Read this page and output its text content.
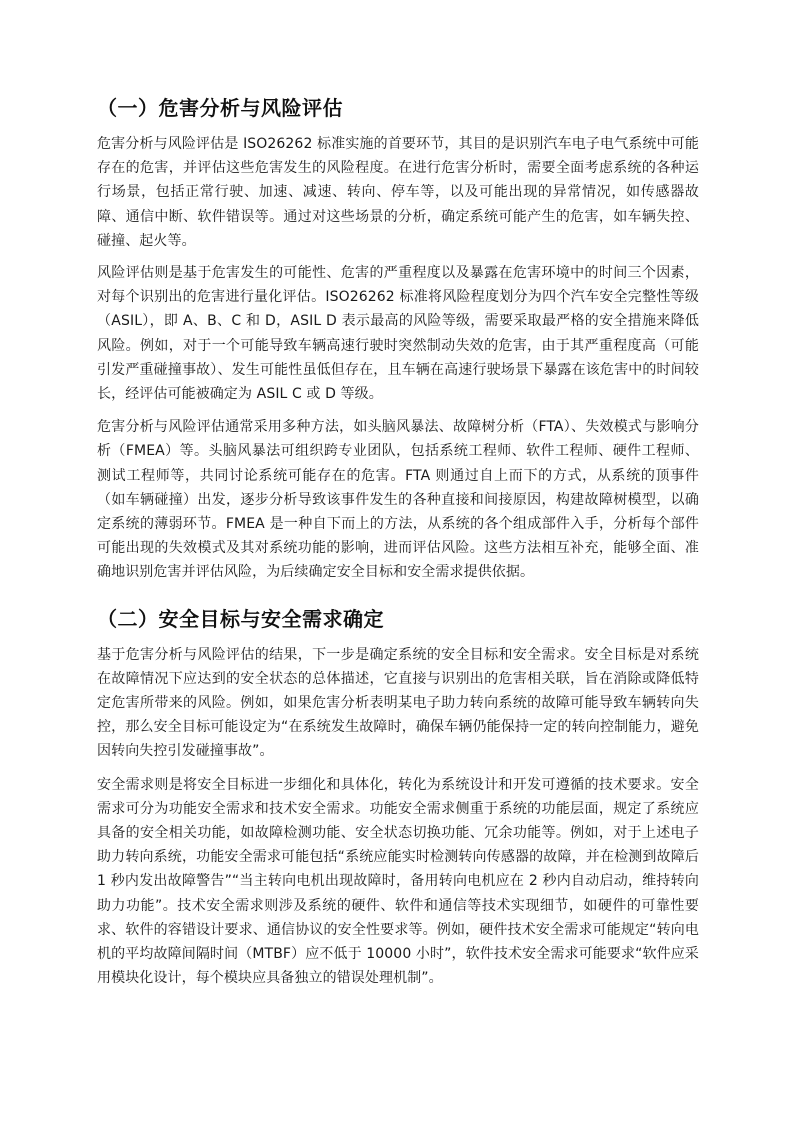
（一）危害分析与风险评估

危害分析与风险评估是 ISO26262 标准实施的首要环节，其目的是识别汽车电子电气系统中可能存在的危害，并评估这些危害发生的风险程度。在进行危害分析时，需要全面考虑系统的各种运行场景，包括正常行驶、加速、减速、转向、停车等，以及可能出现的异常情况，如传感器故障、通信中断、软件错误等。通过对这些场景的分析，确定系统可能产生的危害，如车辆失控、碰撞、起火等。

风险评估则是基于危害发生的可能性、危害的严重程度以及暴露在危害环境中的时间三个因素，对每个识别出的危害进行量化评估。ISO26262 标准将风险程度划分为四个汽车安全完整性等级（ASIL），即 A、B、C 和 D，ASIL D 表示最高的风险等级，需要采取最严格的安全措施来降低风险。例如，对于一个可能导致车辆高速行驶时突然制动失效的危害，由于其严重程度高（可能引发严重碰撞事故）、发生可能性虽低但存在，且车辆在高速行驶场景下暴露在该危害中的时间较长，经评估可能被确定为 ASIL C 或 D 等级。

危害分析与风险评估通常采用多种方法，如头脑风暴法、故障树分析（FTA）、失效模式与影响分析（FMEA）等。头脑风暴法可组织跨专业团队，包括系统工程师、软件工程师、硬件工程师、测试工程师等，共同讨论系统可能存在的危害。FTA 则通过自上而下的方式，从系统的顶事件（如车辆碰撞）出发，逐步分析导致该事件发生的各种直接和间接原因，构建故障树模型，以确定系统的薄弱环节。FMEA 是一种自下而上的方法，从系统的各个组成部件入手，分析每个部件可能出现的失效模式及其对系统功能的影响，进而评估风险。这些方法相互补充，能够全面、准确地识别危害并评估风险，为后续确定安全目标和安全需求提供依据。

（二）安全目标与安全需求确定

基于危害分析与风险评估的结果，下一步是确定系统的安全目标和安全需求。安全目标是对系统在故障情况下应达到的安全状态的总体描述，它直接与识别出的危害相关联，旨在消除或降低特定危害所带来的风险。例如，如果危害分析表明某电子助力转向系统的故障可能导致车辆转向失控，那么安全目标可能设定为“在系统发生故障时，确保车辆仍能保持一定的转向控制能力，避免因转向失控引发碰撞事故”。

安全需求则是将安全目标进一步细化和具体化，转化为系统设计和开发可遵循的技术要求。安全需求可分为功能安全需求和技术安全需求。功能安全需求侧重于系统的功能层面，规定了系统应具备的安全相关功能，如故障检测功能、安全状态切换功能、冗余功能等。例如，对于上述电子助力转向系统，功能安全需求可能包括“系统应能实时检测转向传感器的故障，并在检测到故障后 1 秒内发出故障警告”“当主转向电机出现故障时，备用转向电机应在 2 秒内自动启动，维持转向助力功能”。技术安全需求则涉及系统的硬件、软件和通信等技术实现细节，如硬件的可靠性要求、软件的容错设计要求、通信协议的安全性要求等。例如，硬件技术安全需求可能规定“转向电机的平均故障间隔时间（MTBF）应不低于 10000 小时”，软件技术安全需求可能要求“软件应采用模块化设计，每个模块应具备独立的错误处理机制”。
